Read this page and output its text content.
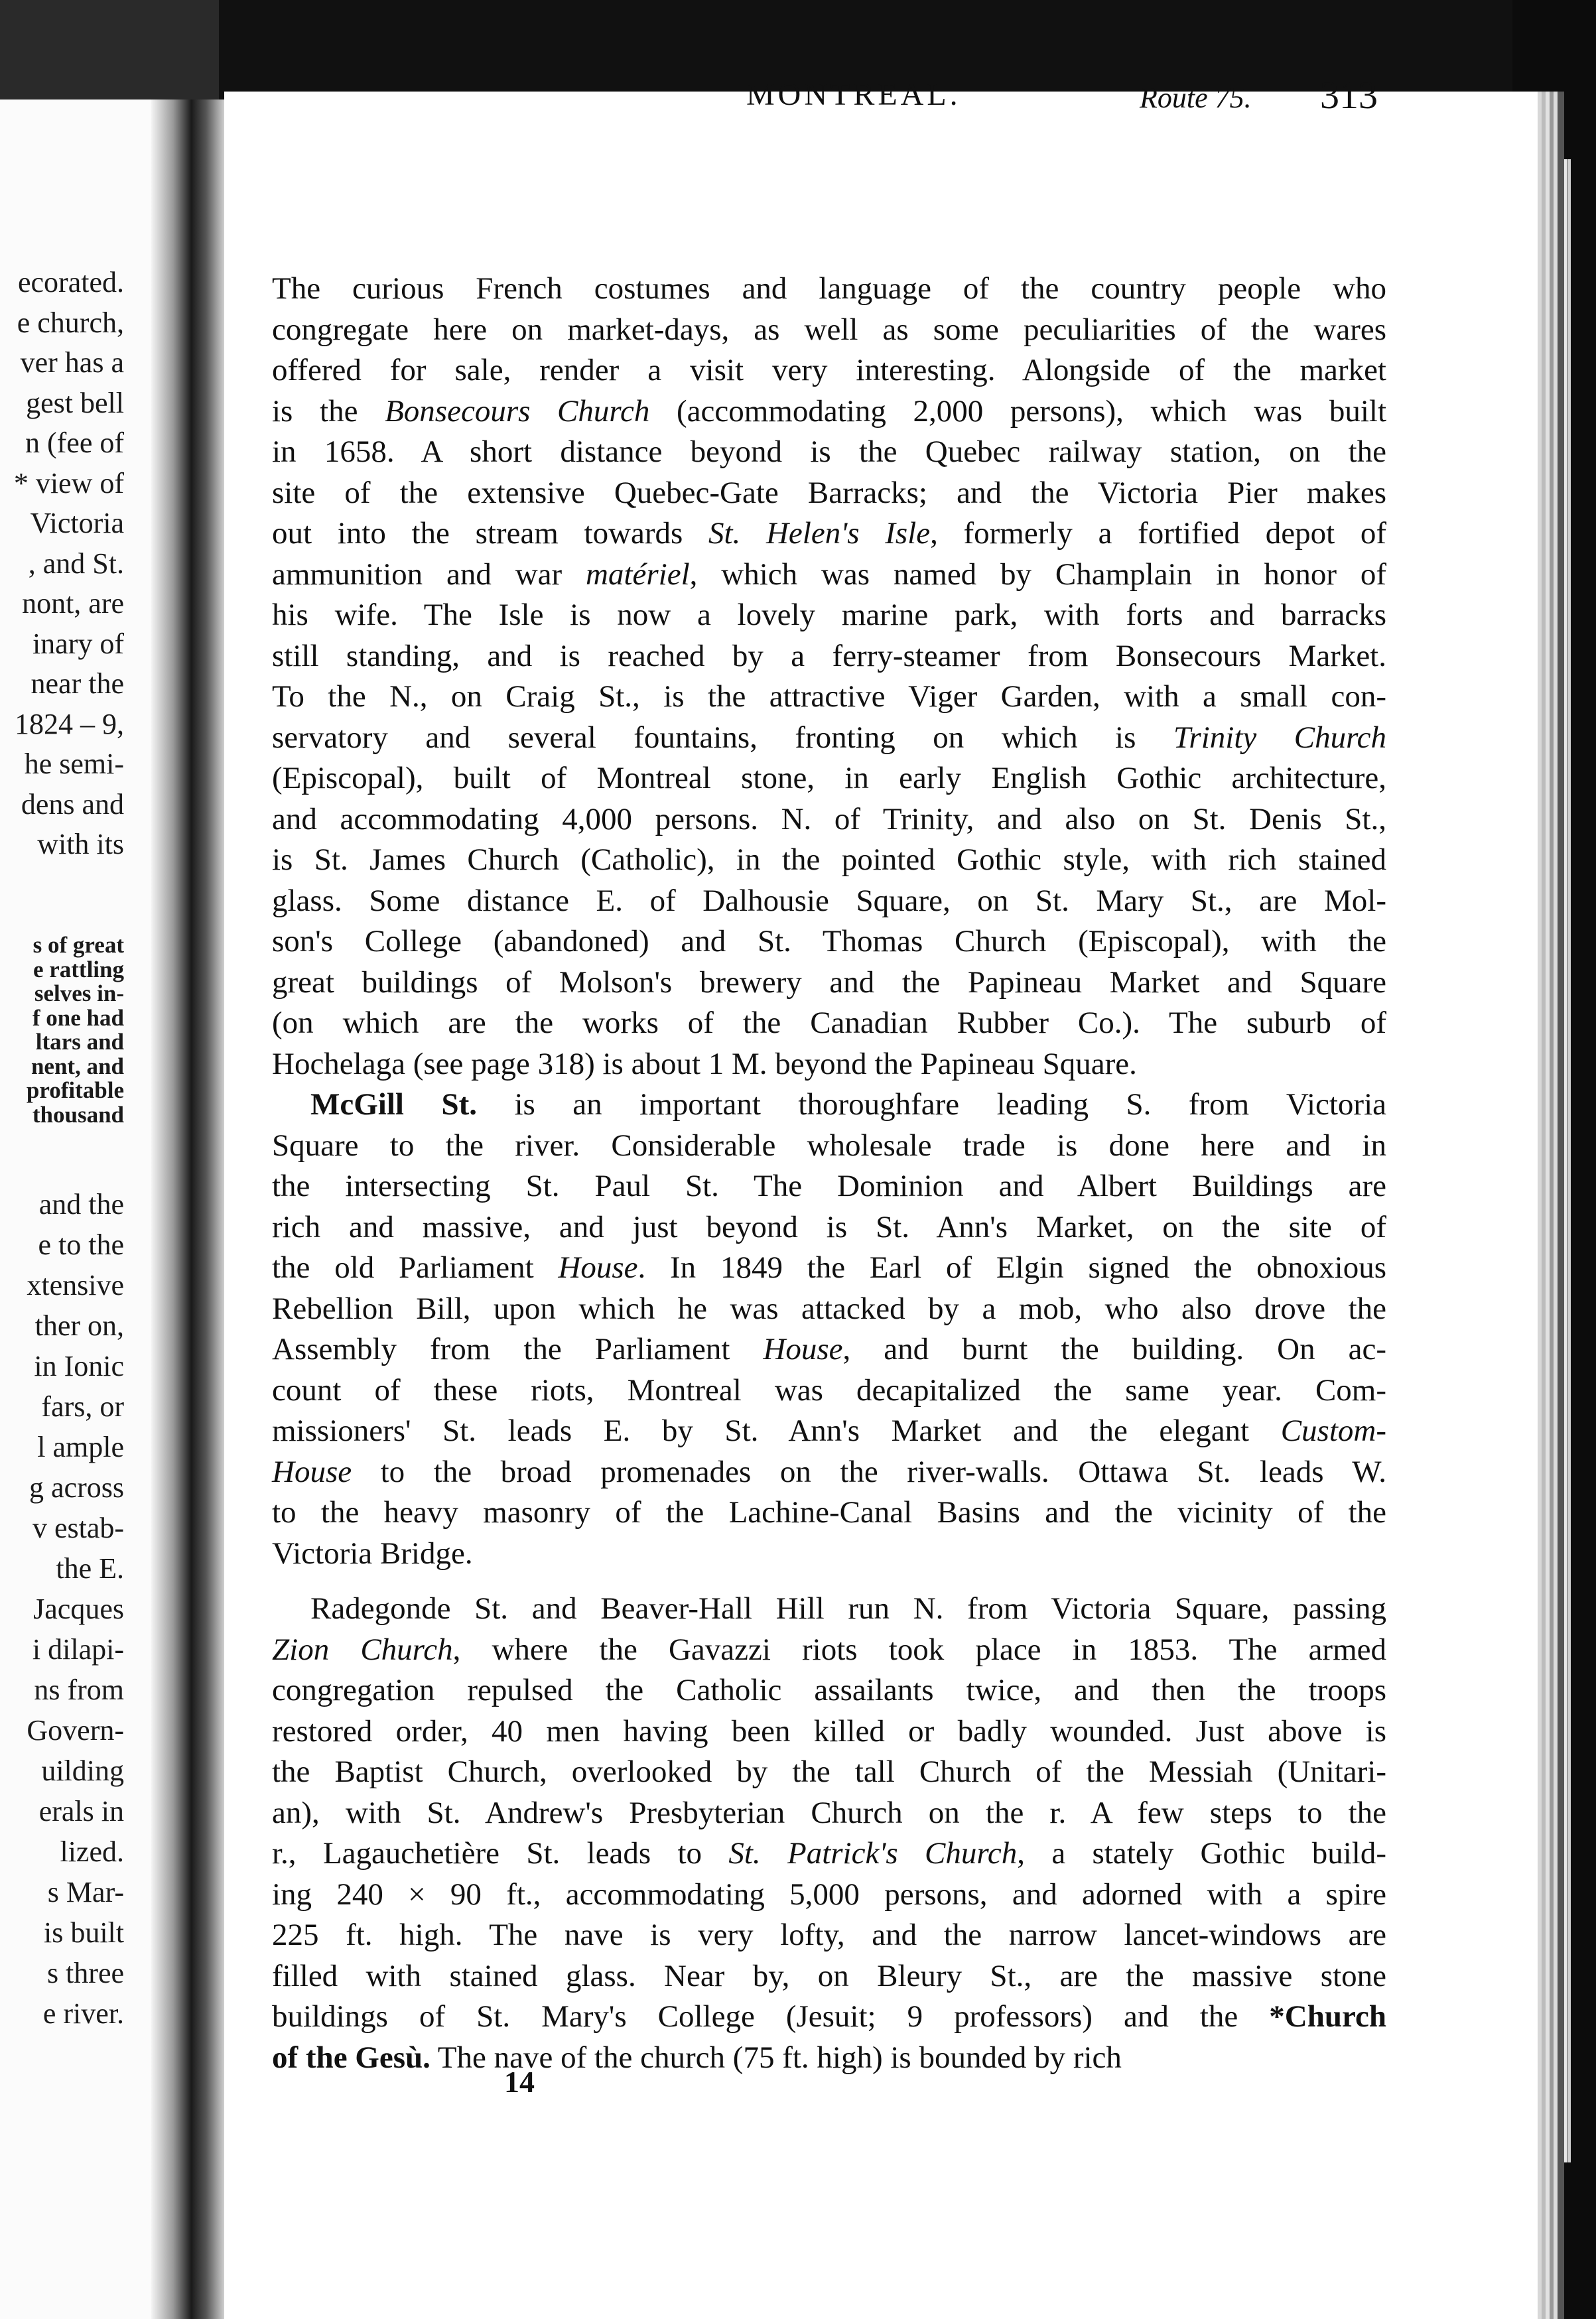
ecorated.
e church,
ver has a
gest bell
n (fee of
* view of
Victoria
, and St.
nont, are
inary of
near the
1824 – 9,
he semi-
dens and
with its
s of great
e rattling
selves in-
f one had
ltars and
nent, and
profitable
thousand
and the
e to the
xtensive
ther on,
in Ionic
fars, or
l ample
g across
v estab-
the E.
Jacques
i dilapi-
ns from
Govern-
uilding
erals in
lized.
s Mar-
is built
s three
e river.
MONTREAL.	Route 75. 313
The curious French costumes and language of the country people who
congregate here on market-days, as well as some peculiarities of the wares
offered for sale, render a visit very interesting. Alongside of the market
is the Bonsecours Church (accommodating 2,000 persons), which was built
in 1658. A short distance beyond is the Quebec railway station, on the
site of the extensive Quebec-Gate Barracks; and the Victoria Pier makes
out into the stream towards St. Helen's Isle, formerly a fortified depot of
ammunition and war matériel, which was named by Champlain in honor of
his wife. The Isle is now a lovely marine park, with forts and barracks
still standing, and is reached by a ferry-steamer from Bonsecours Market.
To the N., on Craig St., is the attractive Viger Garden, with a small con-
servatory and several fountains, fronting on which is Trinity Church
(Episcopal), built of Montreal stone, in early English Gothic architecture,
and accommodating 4,000 persons. N. of Trinity, and also on St. Denis St.,
is St. James Church (Catholic), in the pointed Gothic style, with rich stained
glass. Some distance E. of Dalhousie Square, on St. Mary St., are Mol-
son's College (abandoned) and St. Thomas Church (Episcopal), with the
great buildings of Molson's brewery and the Papineau Market and Square
(on which are the works of the Canadian Rubber Co.). The suburb of
Hochelaga (see page 318) is about 1 M. beyond the Papineau Square.
McGill St. is an important thoroughfare leading S. from Victoria
Square to the river. Considerable wholesale trade is done here and in
the intersecting St. Paul St. The Dominion and Albert Buildings are
rich and massive, and just beyond is St. Ann's Market, on the site of
the old Parliament House. In 1849 the Earl of Elgin signed the obnoxious
Rebellion Bill, upon which he was attacked by a mob, who also drove the
Assembly from the Parliament House, and burnt the building. On ac-
count of these riots, Montreal was decapitalized the same year. Com-
missioners' St. leads E. by St. Ann's Market and the elegant Custom-
House to the broad promenades on the river-walls. Ottawa St. leads W.
to the heavy masonry of the Lachine-Canal Basins and the vicinity of the
Victoria Bridge.
Radegonde St. and Beaver-Hall Hill run N. from Victoria Square, passing
Zion Church, where the Gavazzi riots took place in 1853. The armed
congregation repulsed the Catholic assailants twice, and then the troops
restored order, 40 men having been killed or badly wounded. Just above is
the Baptist Church, overlooked by the tall Church of the Messiah (Unitari-
an), with St. Andrew's Presbyterian Church on the r. A few steps to the
r., Lagauchetière St. leads to St. Patrick's Church, a stately Gothic build-
ing 240 × 90 ft., accommodating 5,000 persons, and adorned with a spire
225 ft. high. The nave is very lofty, and the narrow lancet-windows are
filled with stained glass. Near by, on Bleury St., are the massive stone
buildings of St. Mary's College (Jesuit; 9 professors) and the *Church
of the Gesù. The nave of the church (75 ft. high) is bounded by rich
14
